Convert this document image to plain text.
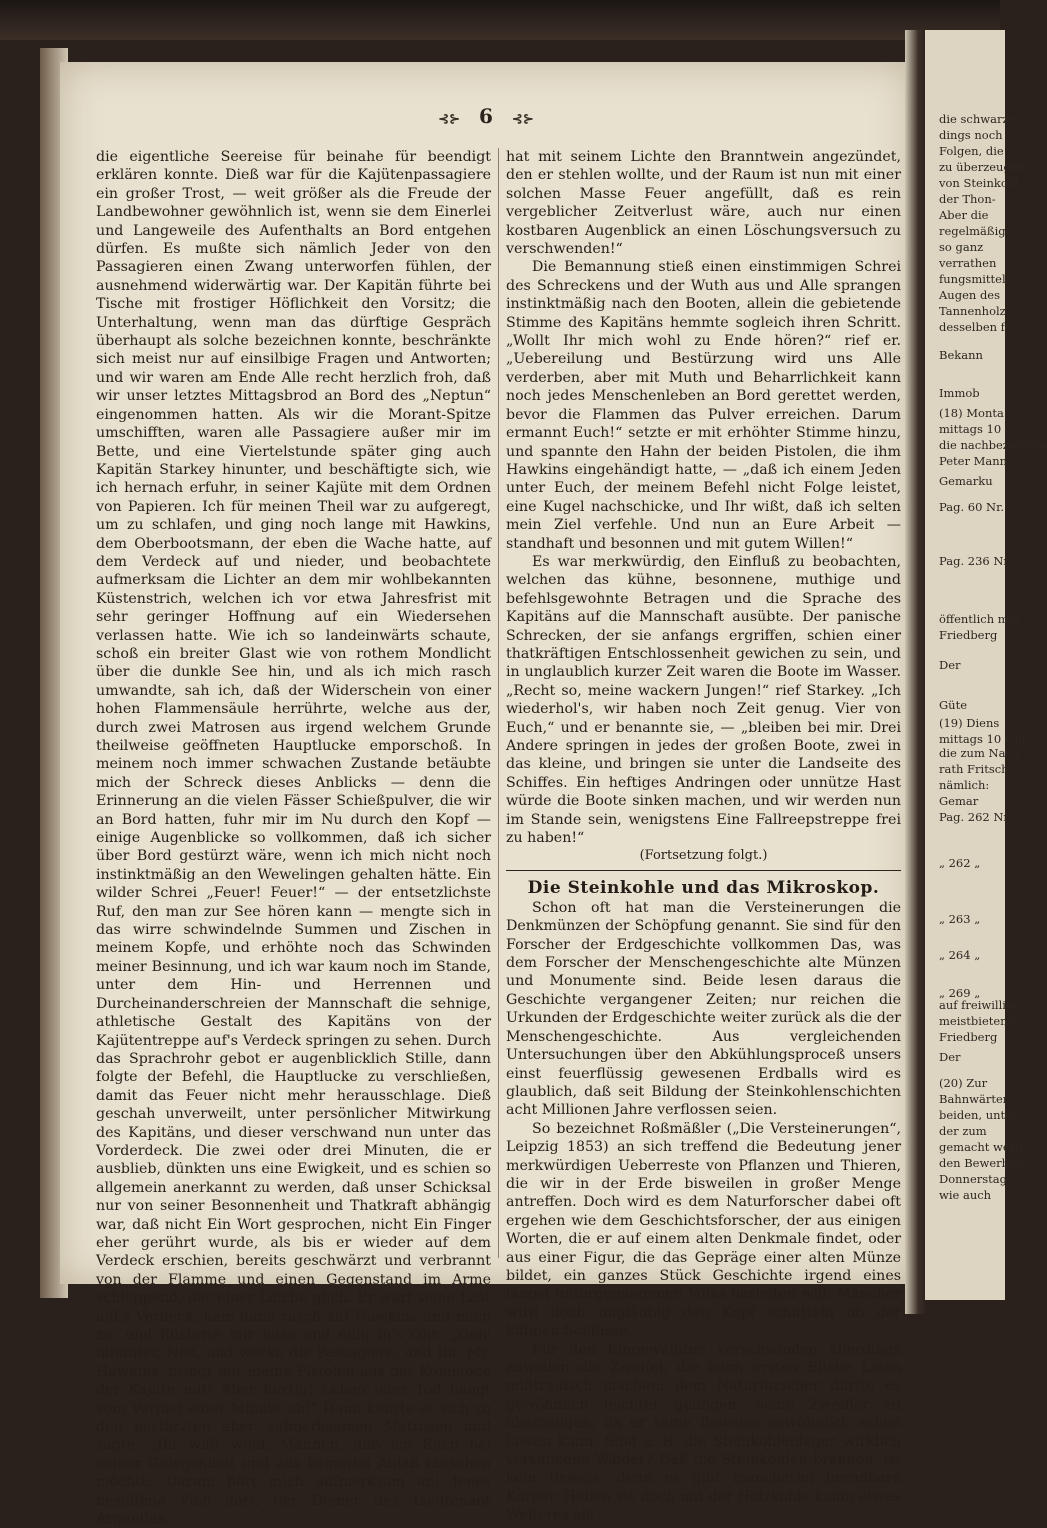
⊰⊱ 6 ⊰⊱

die eigentliche Seereise für beinahe für beendigt erklären konnte. Dieß war für die Kajütenpassagiere ein großer Trost, — weit größer als die Freude der Landbewohner gewöhnlich ist, wenn sie dem Einerlei und Langeweile des Aufenthalts an Bord entgehen dürfen. Es mußte sich nämlich Jeder von den Passagieren einen Zwang unterworfen fühlen, der ausnehmend widerwärtig war. Der Kapitän führte bei Tische mit frostiger Höflichkeit den Vorsitz; die Unterhaltung, wenn man das dürftige Gespräch überhaupt als solche bezeichnen konnte, beschränkte sich meist nur auf einsilbige Fragen und Antworten; und wir waren am Ende Alle recht herzlich froh, daß wir unser letztes Mittagsbrod an Bord des „Neptun“ eingenommen hatten. Als wir die Morant-Spitze umschifften, waren alle Passagiere außer mir im Bette, und eine Viertelstunde später ging auch Kapitän Starkey hinunter, und beschäftigte sich, wie ich hernach erfuhr, in seiner Kajüte mit dem Ordnen von Papieren. Ich für meinen Theil war zu aufgeregt, um zu schlafen, und ging noch lange mit Hawkins, dem Oberbootsmann, der eben die Wache hatte, auf dem Verdeck auf und nieder, und beobachtete aufmerksam die Lichter an dem mir wohlbekannten Küstenstrich, welchen ich vor etwa Jahresfrist mit sehr geringer Hoffnung auf ein Wiedersehen verlassen hatte. Wie ich so landeinwärts schaute, schoß ein breiter Glast wie von rothem Mondlicht über die dunkle See hin, und als ich mich rasch umwandte, sah ich, daß der Widerschein von einer hohen Flammensäule herrührte, welche aus der, durch zwei Matrosen aus irgend welchem Grunde theilweise geöffneten Hauptlucke emporschoß. In meinem noch immer schwachen Zustande betäubte mich der Schreck dieses Anblicks — denn die Erinnerung an die vielen Fässer Schießpulver, die wir an Bord hatten, fuhr mir im Nu durch den Kopf — einige Augenblicke so vollkommen, daß ich sicher über Bord gestürzt wäre, wenn ich mich nicht noch instinktmäßig an den Wewelingen gehalten hätte. Ein wilder Schrei „Feuer! Feuer!“ — der entsetzlichste Ruf, den man zur See hören kann — mengte sich in das wirre schwindelnde Summen und Zischen in meinem Kopfe, und erhöhte noch das Schwinden meiner Besinnung, und ich war kaum noch im Stande, unter dem Hin- und Herrennen und Durcheinanderschreien der Mannschaft die sehnige, athletische Gestalt des Kapitäns von der Kajütentreppe auf's Verdeck springen zu sehen. Durch das Sprachrohr gebot er augenblicklich Stille, dann folgte der Befehl, die Hauptlucke zu verschließen, damit das Feuer nicht mehr herausschlage. Dieß geschah unverweilt, unter persönlicher Mitwirkung des Kapitäns, und dieser verschwand nun unter das Vorderdeck. Die zwei oder drei Minuten, die er ausblieb, dünkten uns eine Ewigkeit, und es schien so allgemein anerkannt zu werden, daß unser Schicksal nur von seiner Besonnenheit und Thatkraft abhängig war, daß nicht Ein Wort gesprochen, nicht Ein Finger eher gerührt wurde, als bis er wieder auf dem Verdeck erschien, bereits geschwärzt und verbrannt von der Flamme und einen Gegenstand im Arme schleppend, der einer Leiche glich. Er warf seine Last auf's Verdeck, kam dann rasch auf Hawkins und mich zu, und flüsterte mir leise und eilig in's Ohr: „Geh' hinunter, Ned, und wecke die Passagiere; und Ihr, Mr. Hawkins, bringt mir meine Pistolen aus der Kommode der Kajüte mit! Aber hurtig! Leben oder Tod hängt vom Verlust einer Minute ab!“ Dann kehrte er sich zu den bestürzten aber aufmerksamen Matrosen und sagte: „Ihr wißt wohl, Mannen, daß ich Euch bei keiner Gelegenheit und aus keinerlei Anlaß täuschen möchte. Darum hört mich aufmerksam an! Jenes besoffene Vieh dort, der Diener des Lieutenant Arguellas,

hat mit seinem Lichte den Branntwein angezündet, den er stehlen wollte, und der Raum ist nun mit einer solchen Masse Feuer angefüllt, daß es rein vergeblicher Zeitverlust wäre, auch nur einen kostbaren Augenblick an einen Löschungsversuch zu verschwenden!“

Die Bemannung stieß einen einstimmigen Schrei des Schreckens und der Wuth aus und Alle sprangen instinktmäßig nach den Booten, allein die gebietende Stimme des Kapitäns hemmte sogleich ihren Schritt. „Wollt Ihr mich wohl zu Ende hören?“ rief er. „Uebereilung und Bestürzung wird uns Alle verderben, aber mit Muth und Beharrlichkeit kann noch jedes Menschenleben an Bord gerettet werden, bevor die Flammen das Pulver erreichen. Darum ermannt Euch!“ setzte er mit erhöhter Stimme hinzu, und spannte den Hahn der beiden Pistolen, die ihm Hawkins eingehändigt hatte, — „daß ich einem Jeden unter Euch, der meinem Befehl nicht Folge leistet, eine Kugel nachschicke, und Ihr wißt, daß ich selten mein Ziel verfehle. Und nun an Eure Arbeit — standhaft und besonnen und mit gutem Willen!“

Es war merkwürdig, den Einfluß zu beobachten, welchen das kühne, besonnene, muthige und befehlsgewohnte Betragen und die Sprache des Kapitäns auf die Mannschaft ausübte. Der panische Schrecken, der sie anfangs ergriffen, schien einer thatkräftigen Entschlossenheit gewichen zu sein, und in unglaublich kurzer Zeit waren die Boote im Wasser. „Recht so, meine wackern Jungen!“ rief Starkey. „Ich wiederhol's, wir haben noch Zeit genug. Vier von Euch,“ und er benannte sie, — „bleiben bei mir. Drei Andere springen in jedes der großen Boote, zwei in das kleine, und bringen sie unter die Landseite des Schiffes. Ein heftiges Andringen oder unnütze Hast würde die Boote sinken machen, und wir werden nun im Stande sein, wenigstens Eine Fallreepstreppe frei zu haben!“

(Fortsetzung folgt.)

Die Steinkohle und das Mikroskop.

Schon oft hat man die Versteinerungen die Denkmünzen der Schöpfung genannt. Sie sind für den Forscher der Erdgeschichte vollkommen Das, was dem Forscher der Menschengeschichte alte Münzen und Monumente sind. Beide lesen daraus die Geschichte vergangener Zeiten; nur reichen die Urkunden der Erdgeschichte weiter zurück als die der Menschengeschichte. Aus vergleichenden Untersuchungen über den Abkühlungsproceß unsers einst feuerflüssig gewesenen Erdballs wird es glaublich, daß seit Bildung der Steinkohlenschichten acht Millionen Jahre verflossen seien.

So bezeichnet Roßmäßler („Die Versteinerungen“, Leipzig 1853) an sich treffend die Bedeutung jener merkwürdigen Ueberreste von Pflanzen und Thieren, die wir in der Erde bisweilen in großer Menge antreffen. Doch wird es dem Naturforscher dabei oft ergehen wie dem Geschichtsforscher, der aus einigen Worten, die er auf einem alten Denkmale findet, oder aus einer Figur, die das Gepräge einer alten Münze bildet, ein ganzes Stück Geschichte irgend eines längst untergegangenen Volks herleiten will. Mancher wird doch ungläubig den Kopf schütteln ob der kühnen Schlüsse.

Für den Eingeweihten verschwinden allerdings zuweilen die Zweifel, die beim ersten Blicke Laien mißtrauisch machen; dem Naturforscher dürfte es gewöhnlich leichter gelingen, seine Zweifler zu überzeugen, da er seine Beweise gewöhnlich sehen lassen kann. Sind z. B. die Steinkohlenlager wirklich versunkene Wälder? Daß die Steinkohlen brennen, ist kein Beweis, denn es gibt mancherlei brennbare Körper. Haben sie doch mit der Holzkohle kaum etwas Weiteres als

die schwarze
dings noch
Folgen, die
zu überzeugen
von Steinkohl
der Thon-
Aber die
regelmäßige
so ganz
verrathen
fungsmittel,
Augen des
Tannenholz
desselben fe
Bekann
Immob
(18) Monta
mittags 10
die nachbezeichne
Peter Mann
Gemarku
Pag. 60 Nr.
Pag. 236 Nr.
öffentlich mei
Friedberg
Der
Güte
(19) Diens
mittags 10 Uhr
die zum Nach
rath Fritsch
nämlich:
Gemar
Pag. 262 Nr.
„ 262 „
„ 263 „
„ 264 „
„ 269 „
auf freiwillige
meistbietend
Friedberg
Der
(20) Zur
Bahnwärter
beiden, unter
der zum
gemacht werd
den Bewerben
Donnerstag
wie auch
